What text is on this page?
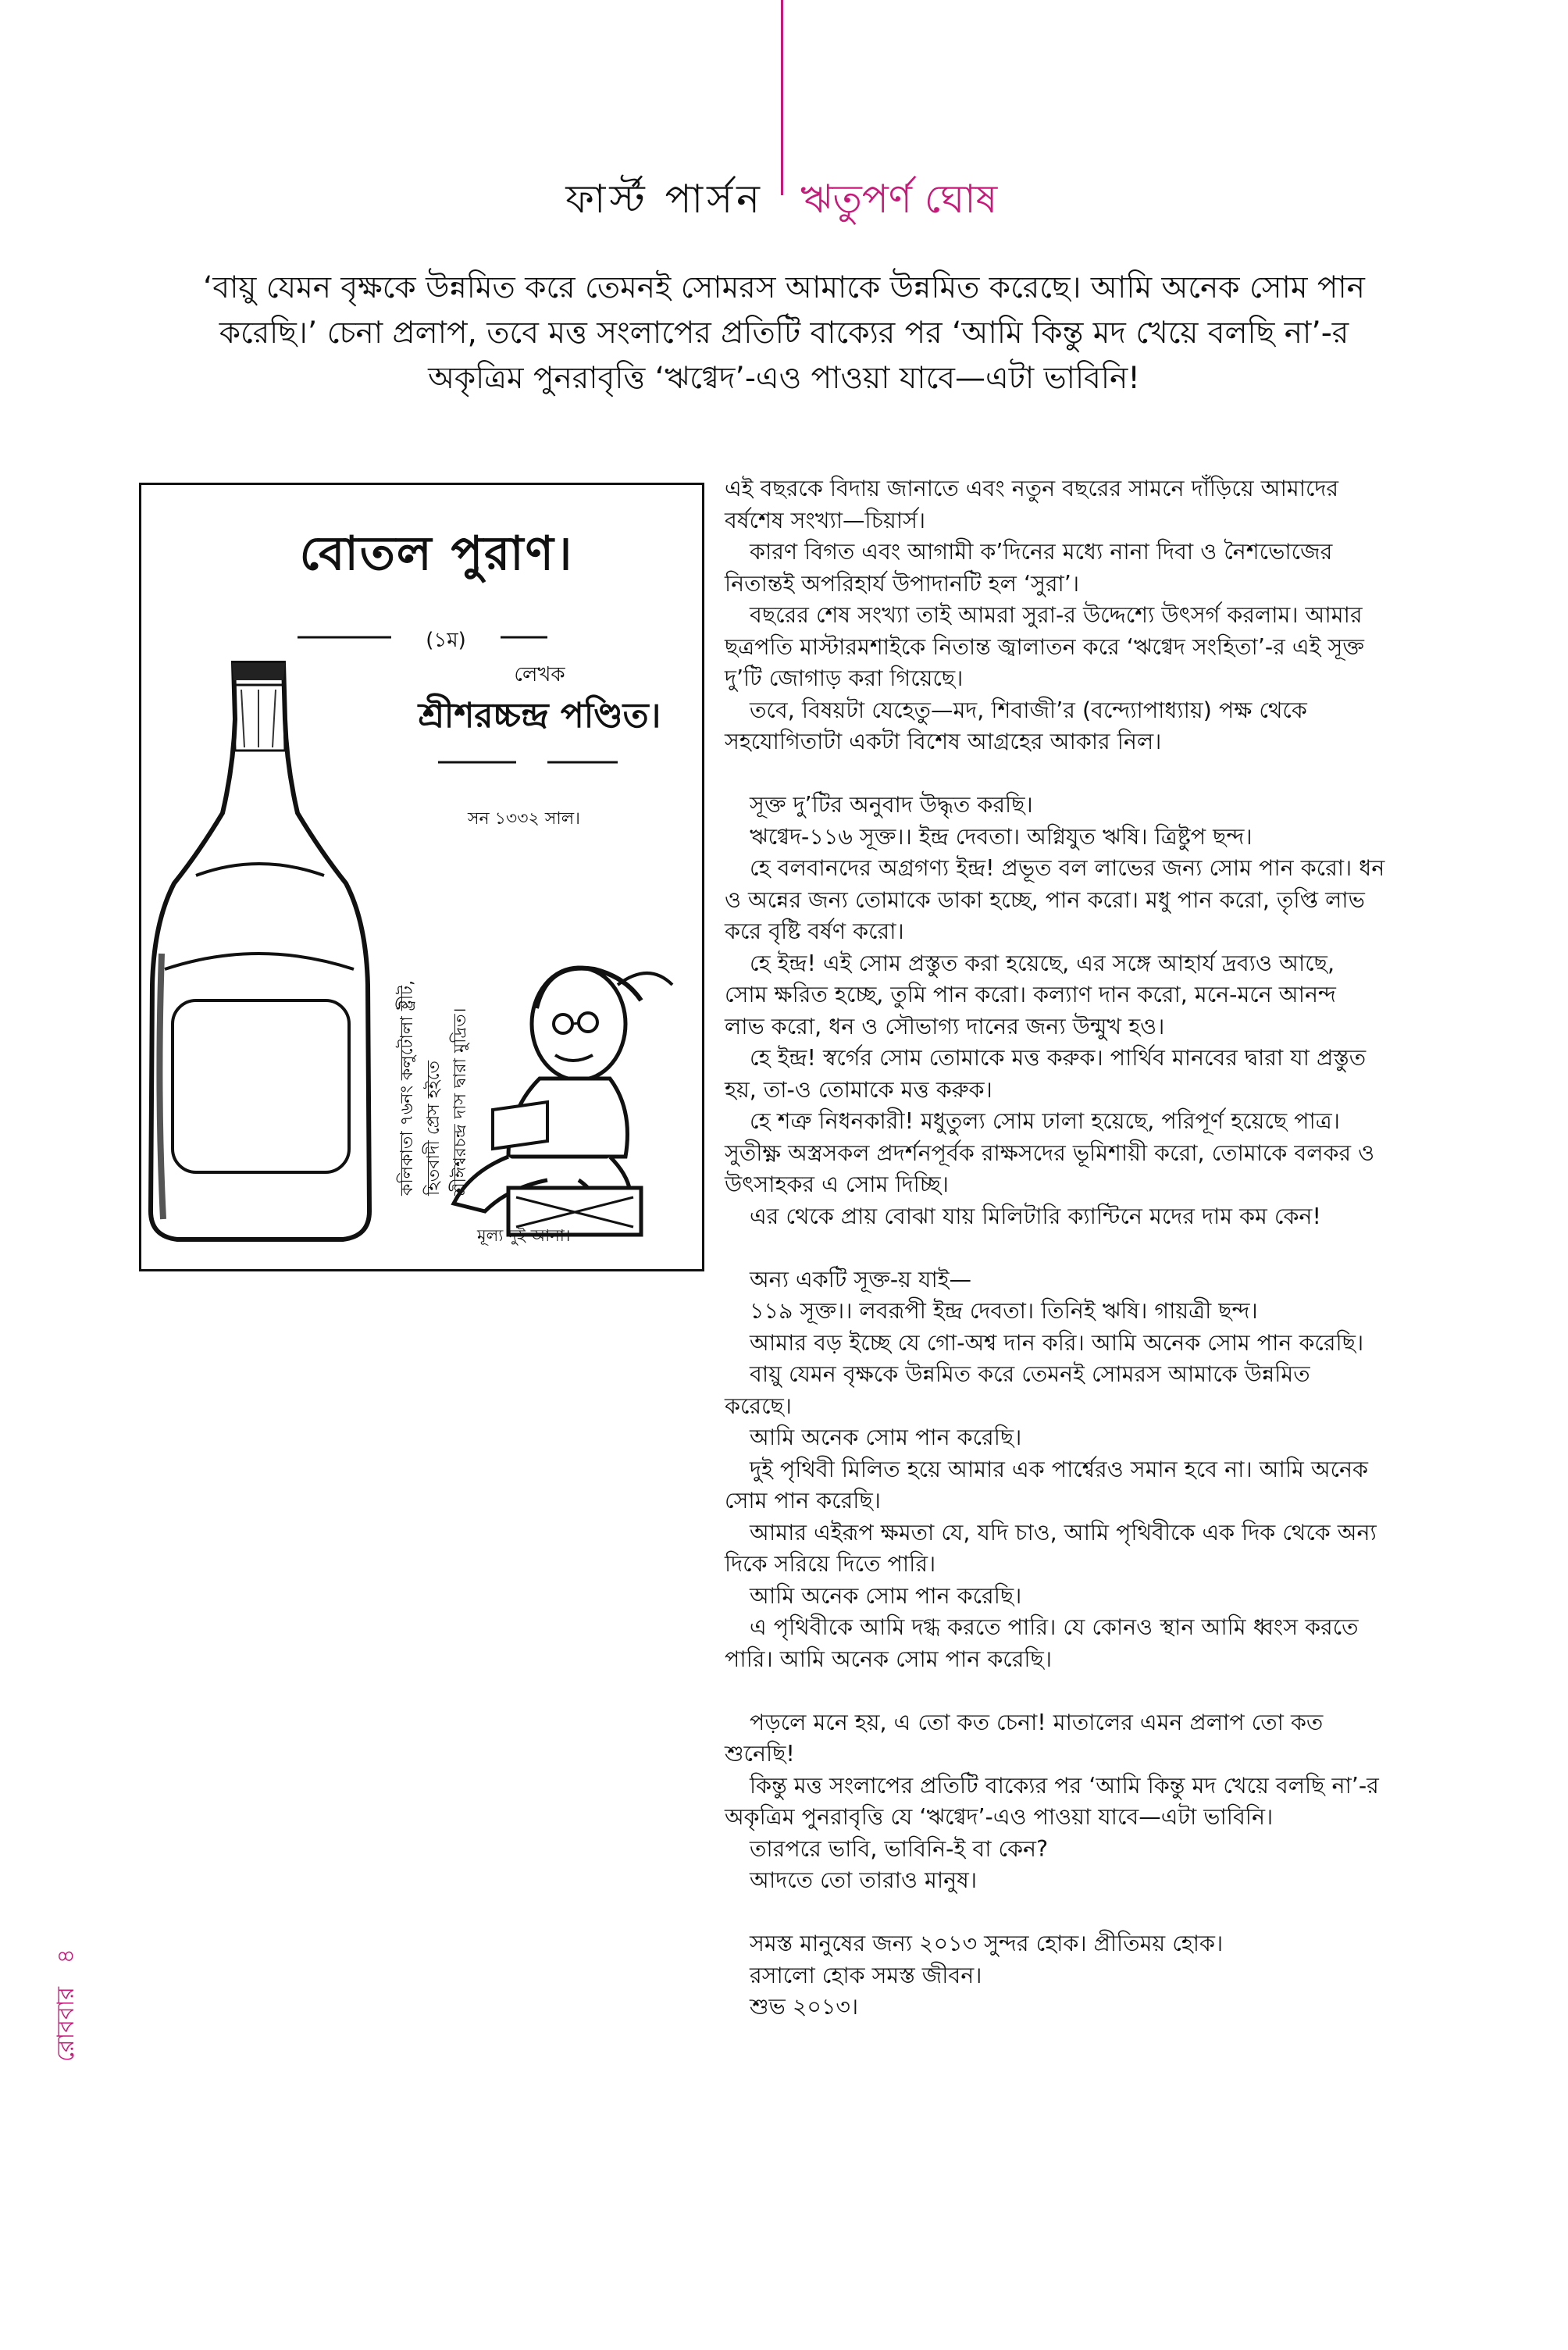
ফার্স্ট পার্সন ঋতুপর্ণ ঘোষ
‘বায়ু যেমন বৃক্ষকে উন্নমিত করে তেমনই সোমরস আমাকে উন্নমিত করেছে। আমি অনেক সোম পান
করেছি।’ চেনা প্রলাপ, তবে মত্ত সংলাপের প্রতিটি বাক্যের পর ‘আমি কিন্তু মদ খেয়ে বলছি না’-র
অকৃত্রিম পুনরাবৃত্তি ‘ঋগ্বেদ’-এও পাওয়া যাবে—এটা ভাবিনি!
বোতল পুরাণ।
(১ম)
লেখক
শ্রীশরচ্চন্দ্র পণ্ডিত।
সন ১৩৩২ সাল।
কলিকাতা ৭৬নং কলুটোলা ষ্ট্রীট, হিতবাদী প্রেস হইতে শ্রীঈশ্বরচন্দ্র দাস দ্বারা মুদ্রিত।
মূল্য দুই আনা।

এই বছরকে বিদায় জানাতে এবং নতুন বছরের সামনে দাঁড়িয়ে আমাদের

বর্ষশেষ সংখ্যা—চিয়ার্স।

কারণ বিগত এবং আগামী ক’দিনের মধ্যে নানা দিবা ও নৈশভোজের

নিতান্তই অপরিহার্য উপাদানটি হল ‘সুরা’।

বছরের শেষ সংখ্যা তাই আমরা সুরা-র উদ্দেশ্যে উৎসর্গ করলাম। আমার

ছত্রপতি মাস্টারমশাইকে নিতান্ত জ্বালাতন করে ‘ঋগ্বেদ সংহিতা’-র এই সূক্ত

দু’টি জোগাড় করা গিয়েছে।

তবে, বিষয়টা যেহেতু—মদ, শিবাজী’র (বন্দ্যোপাধ্যায়) পক্ষ থেকে

সহযোগিতাটা একটা বিশেষ আগ্রহের আকার নিল।

সূক্ত দু’টির অনুবাদ উদ্ধৃত করছি।

ঋগ্বেদ-১১৬ সূক্ত।। ইন্দ্র দেবতা। অগ্নিযুত ঋষি। ত্রিষ্টুপ ছন্দ।

হে বলবানদের অগ্রগণ্য ইন্দ্র! প্রভূত বল লাভের জন্য সোম পান করো। ধন

ও অন্নের জন্য তোমাকে ডাকা হচ্ছে, পান করো। মধু পান করো, তৃপ্তি লাভ

করে বৃষ্টি বর্ষণ করো।

হে ইন্দ্র! এই সোম প্রস্তুত করা হয়েছে, এর সঙ্গে আহার্য দ্রব্যও আছে,

সোম ক্ষরিত হচ্ছে, তুমি পান করো। কল্যাণ দান করো, মনে-মনে আনন্দ

লাভ করো, ধন ও সৌভাগ্য দানের জন্য উন্মুখ হও।

হে ইন্দ্র! স্বর্গের সোম তোমাকে মত্ত করুক। পার্থিব মানবের দ্বারা যা প্রস্তুত

হয়, তা-ও তোমাকে মত্ত করুক।

হে শত্রু নিধনকারী! মধুতুল্য সোম ঢালা হয়েছে, পরিপূর্ণ হয়েছে পাত্র।

সুতীক্ষ্ণ অস্ত্রসকল প্রদর্শনপূর্বক রাক্ষসদের ভূমিশায়ী করো, তোমাকে বলকর ও

উৎসাহকর এ সোম দিচ্ছি।

এর থেকে প্রায় বোঝা যায় মিলিটারি ক্যান্টিনে মদের দাম কম কেন!

অন্য একটি সূক্ত-য় যাই—

১১৯ সূক্ত।। লবরূপী ইন্দ্র দেবতা। তিনিই ঋষি। গায়ত্রী ছন্দ।

আমার বড় ইচ্ছে যে গো-অশ্ব দান করি। আমি অনেক সোম পান করেছি।

বায়ু যেমন বৃক্ষকে উন্নমিত করে তেমনই সোমরস আমাকে উন্নমিত

করেছে।

আমি অনেক সোম পান করেছি।

দুই পৃথিবী মিলিত হয়ে আমার এক পার্শ্বেরও সমান হবে না। আমি অনেক

সোম পান করেছি।

আমার এইরূপ ক্ষমতা যে, যদি চাও, আমি পৃথিবীকে এক দিক থেকে অন্য

দিকে সরিয়ে দিতে পারি।

আমি অনেক সোম পান করেছি।

এ পৃথিবীকে আমি দগ্ধ করতে পারি। যে কোনও স্থান আমি ধ্বংস করতে

পারি। আমি অনেক সোম পান করেছি।

পড়লে মনে হয়, এ তো কত চেনা! মাতালের এমন প্রলাপ তো কত

শুনেছি!

কিন্তু মত্ত সংলাপের প্রতিটি বাক্যের পর ‘আমি কিন্তু মদ খেয়ে বলছি না’-র

অকৃত্রিম পুনরাবৃত্তি যে ‘ঋগ্বেদ’-এও পাওয়া যাবে—এটা ভাবিনি।

তারপরে ভাবি, ভাবিনি-ই বা কেন?

আদতে তো তারাও মানুষ।

সমস্ত মানুষের জন্য ২০১৩ সুন্দর হোক। প্রীতিময় হোক।

রসালো হোক সমস্ত জীবন।

শুভ ২০১৩।

রোববার ৪
